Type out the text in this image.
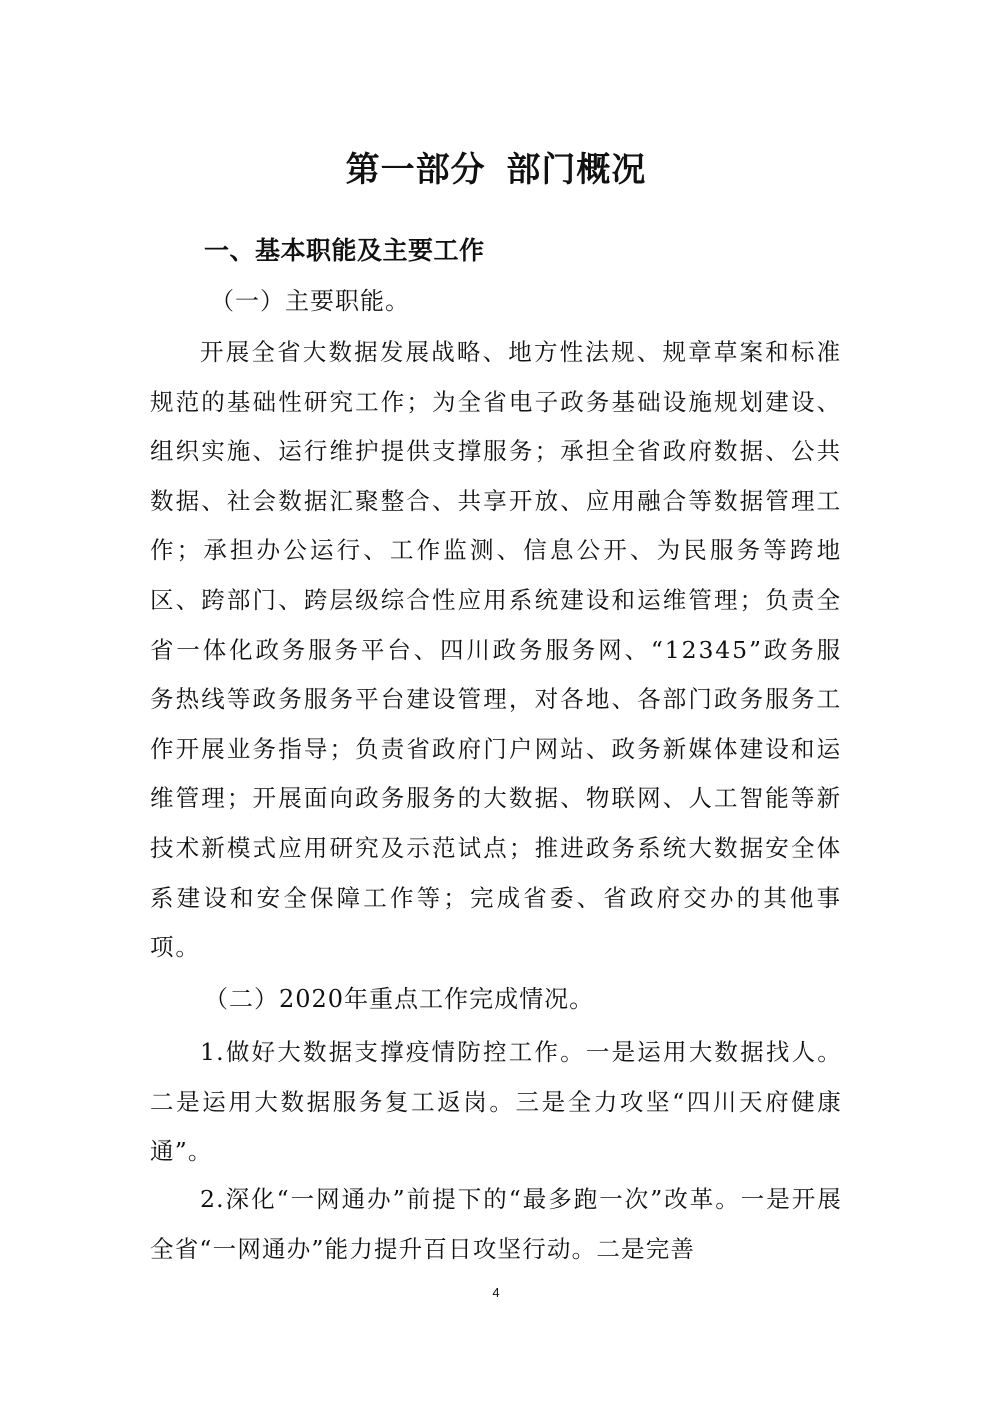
第一部分 部门概况
一、基本职能及主要工作
（一）主要职能。

开展全省大数据发展战略、地方性法规、规章草案和标准规范的基础性研究工作；为全省电子政务基础设施规划建设、组织实施、运行维护提供支撑服务；承担全省政府数据、公共数据、社会数据汇聚整合、共享开放、应用融合等数据管理工作；承担办公运行、工作监测、信息公开、为民服务等跨地区、跨部门、跨层级综合性应用系统建设和运维管理；负责全省一体化政务服务平台、四川政务服务网、“12345”政务服务热线等政务服务平台建设管理，对各地、各部门政务服务工作开展业务指导；负责省政府门户网站、政务新媒体建设和运维管理；开展面向政务服务的大数据、物联网、人工智能等新技术新模式应用研究及示范试点；推进政务系统大数据安全体系建设和安全保障工作等；完成省委、省政府交办的其他事项。

（二）2020年重点工作完成情况。

1.做好大数据支撑疫情防控工作。一是运用大数据找人。二是运用大数据服务复工返岗。三是全力攻坚“四川天府健康通”。

2.深化“一网通办”前提下的“最多跑一次”改革。一是开展全省“一网通办”能力提升百日攻坚行动。二是完善

4
